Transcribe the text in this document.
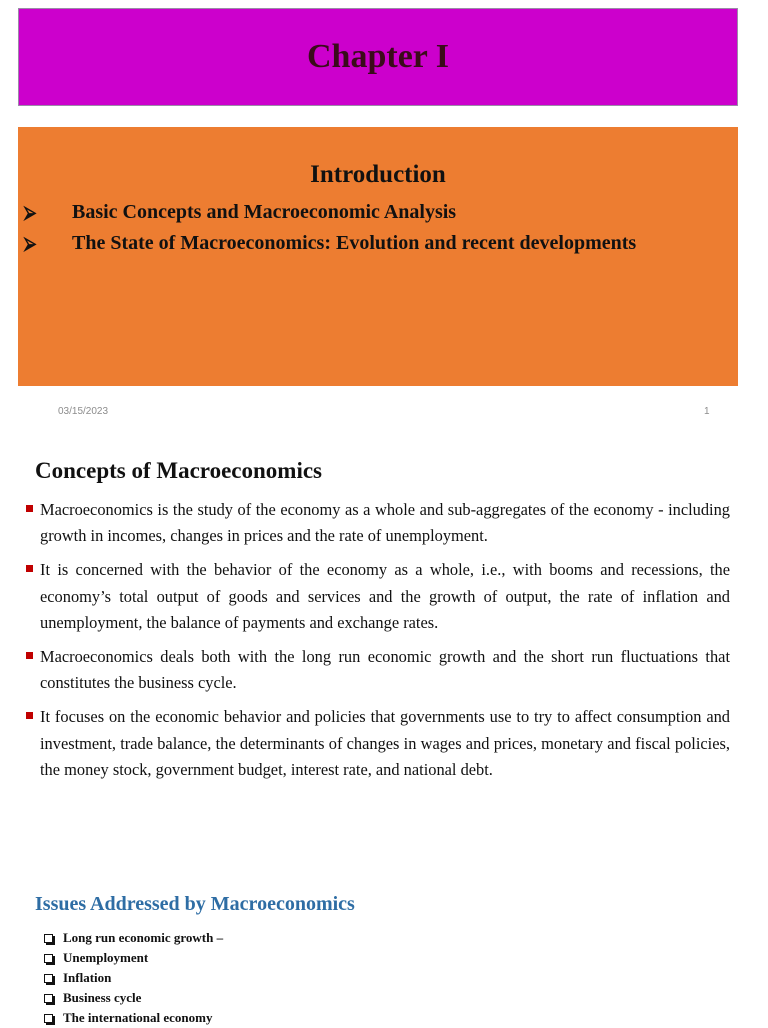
Chapter I
Introduction
⮚	Basic Concepts and Macroeconomic Analysis
⮚	The State of Macroeconomics: Evolution and recent developments
03/15/2023	1
Concepts of Macroeconomics
Macroeconomics is the study of the economy as a whole and sub-aggregates of the economy - including growth in incomes, changes in prices and the rate of unemployment.
It is concerned with the behavior of the economy as a whole, i.e., with booms and recessions, the economy’s total output of goods and services and the growth of output, the rate of inflation and unemployment, the balance of payments and exchange rates.
Macroeconomics deals both with the long run economic growth and the short run fluctuations that constitutes the business cycle.
It focuses on the economic behavior and policies that governments use to try to affect consumption and investment, trade balance, the determinants of changes in wages and prices, monetary and fiscal policies, the money stock, government budget, interest rate, and national debt.
Issues Addressed by Macroeconomics
Long run economic growth –
Unemployment
Inflation
Business cycle
The international economy
